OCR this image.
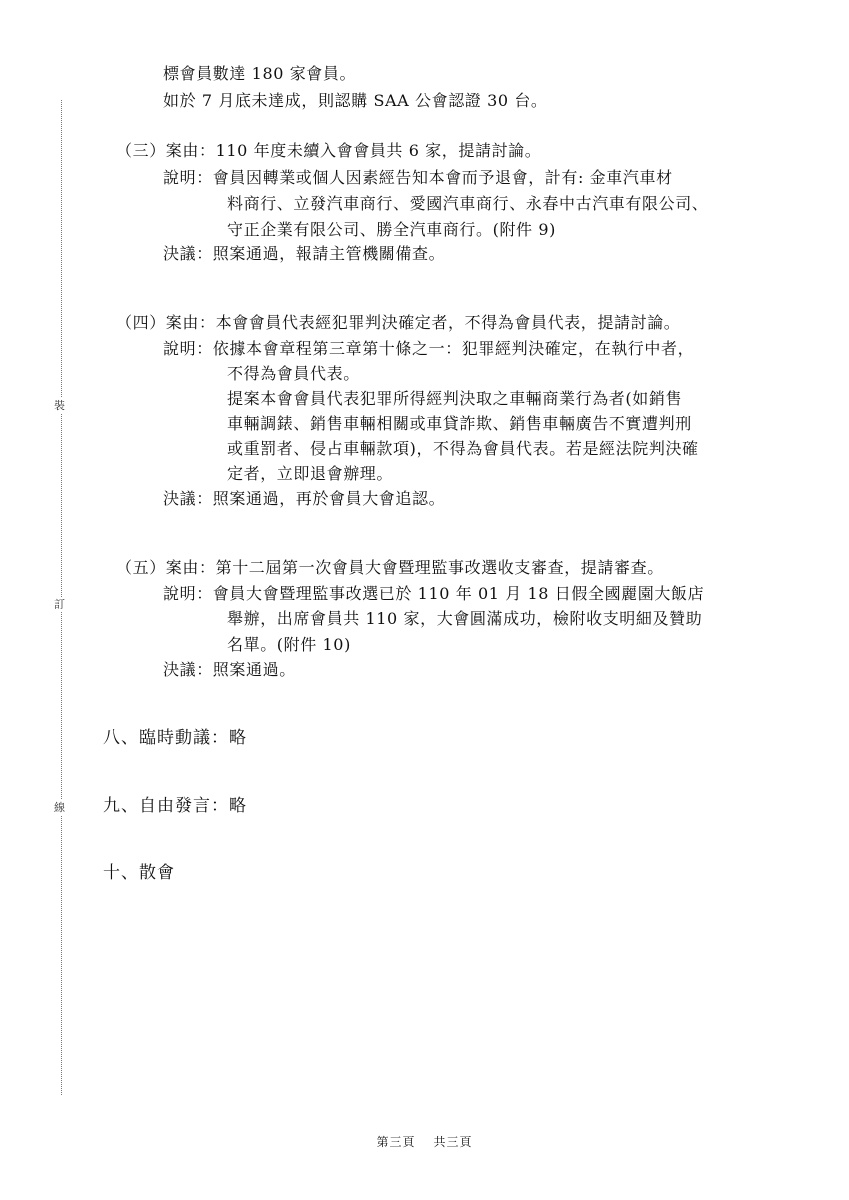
裝
訂
線
標會員數達 180 家會員。
如於 7 月底未達成，則認購 SAA 公會認證 30 台。
（三）案由：110 年度未續入會會員共 6 家，提請討論。
說明：會員因轉業或個人因素經告知本會而予退會，計有: 金車汽車材
料商行、立發汽車商行、愛國汽車商行、永春中古汽車有限公司、
守正企業有限公司、勝全汽車商行。(附件 9)
決議：照案通過，報請主管機關備查。
（四）案由：本會會員代表經犯罪判決確定者，不得為會員代表，提請討論。
說明：依據本會章程第三章第十條之一：犯罪經判決確定，在執行中者，
不得為會員代表。
提案本會會員代表犯罪所得經判決取之車輛商業行為者(如銷售
車輛調錶、銷售車輛相關或車貸詐欺、銷售車輛廣告不實遭判刑
或重罰者、侵占車輛款項)，不得為會員代表。若是經法院判決確
定者，立即退會辦理。
決議：照案通過，再於會員大會追認。
（五）案由：第十二屆第一次會員大會暨理監事改選收支審查，提請審查。
說明：會員大會暨理監事改選已於 110 年 01 月 18 日假全國麗園大飯店
舉辦，出席會員共 110 家，大會圓滿成功，檢附收支明細及贊助
名單。(附件 10)
決議：照案通過。
八、臨時動議：略
九、自由發言：略
十、散會
第三頁 共三頁
